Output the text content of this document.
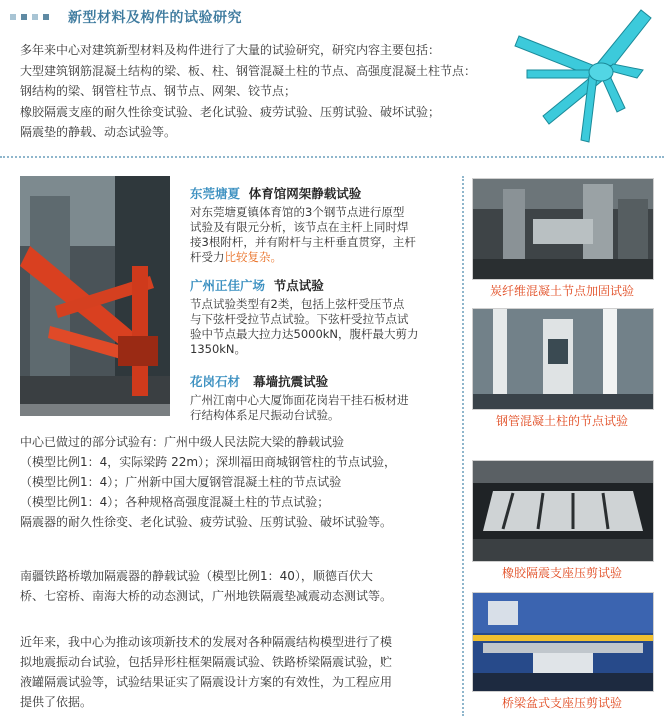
新型材料及构件的试验研究
多年来中心对建筑新型材料及构件进行了大量的试验研究，研究内容主要包括：
大型建筑钢筋混凝土结构的梁、板、柱、钢管混凝土柱的节点、高强度混凝土柱节点：
钢结构的梁、钢管柱节点、钢节点、网架、铰节点；
橡胶隔震支座的耐久性徐变试验、老化试验、疲劳试验、压剪试验、破坏试验；
隔震垫的静载、动态试验等。
东莞塘夏 体育馆网架静载试验
对东莞塘夏镇体育馆的3个钢节点进行原型
试验及有限元分析，该节点在主杆上同时焊
接3根附杆，并有附杆与主杆垂直贯穿，主杆
杆受力比较复杂。
广州正佳广场 节点试验
节点试验类型有2类，包括上弦杆受压节点
与下弦杆受拉节点试验。下弦杆受拉节点试
验中节点最大拉力达5000kN，腹杆最大剪力
1350kN。
花岗石材 幕墙抗震试验
广州江南中心大厦饰面花岗岩干挂石板材进
行结构体系足尺振动台试验。
中心已做过的部分试验有：广州中级人民法院大梁的静载试验
（模型比例1：4，实际梁跨 22m）；深圳福田商城钢管柱的节点试验，
（模型比例1：4）；广州新中国大厦钢管混凝土柱的节点试验
（模型比例1：4）；各种规格高强度混凝土柱的节点试验；
隔震器的耐久性徐变、老化试验、疲劳试验、压剪试验、破坏试验等。
南疆铁路桥墩加隔震器的静载试验（模型比例1：40），顺德百伏大
桥、七窑桥、南海大桥的动态测试，广州地铁隔震垫减震动态测试等。
近年来，我中心为推动该项新技术的发展对各种隔震结构模型进行了模
拟地震振动台试验，包括异形柱框架隔震试验、铁路桥梁隔震试验，贮
液罐隔震试验等，试验结果证实了隔震设计方案的有效性，为工程应用
提供了依据。
炭纤维混凝土节点加固试验
钢管混凝土柱的节点试验
橡胶隔震支座压剪试验
桥梁盆式支座压剪试验
